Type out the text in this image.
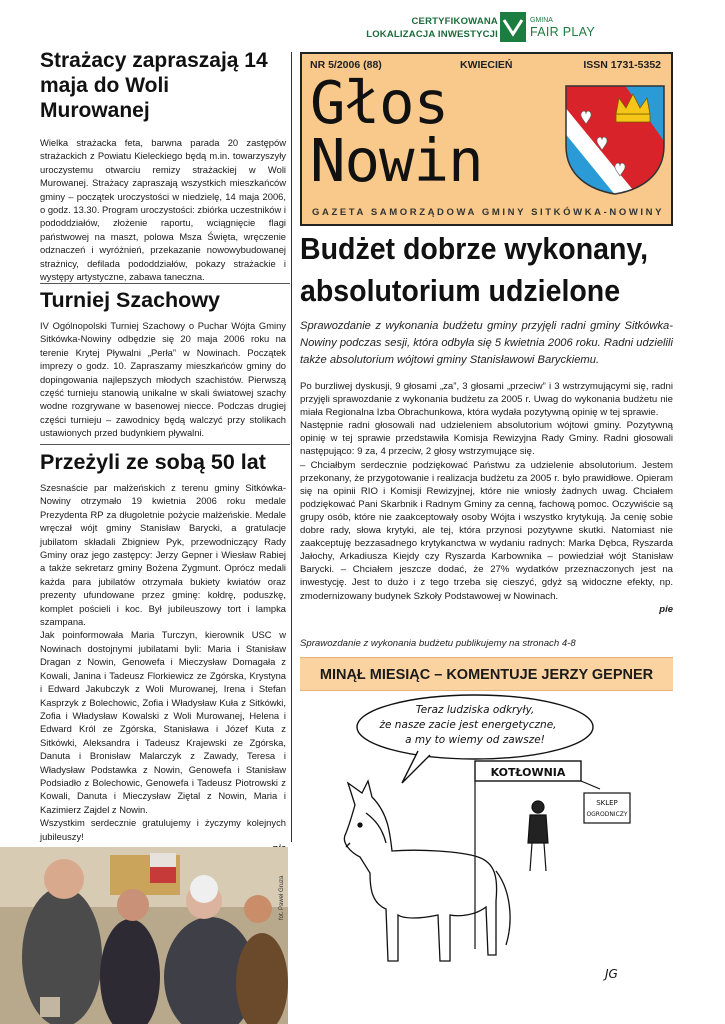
CERTYFIKOWANA
LOKALIZACJA INWESTYCJI
GMINA
FAIR PLAY
Strażacy zapraszają 14 maja do Woli Murowanej
Wielka strażacka feta, barwna parada 20 zastępów strażackich z Powiatu Kieleckiego będą m.in. towarzyszyły uroczystemu otwarciu remizy strażackiej w Woli Murowanej. Strażacy zapraszają wszystkich mieszkańców gminy – początek uroczystości w niedzielę, 14 maja 2006, o godz. 13.30. Program uroczystości: zbiórka uczestników i pododdziałów, złożenie raportu, wciągnięcie flagi państwowej na maszt, polowa Msza Święta, wręczenie odznaczeń i wyróżnień, przekazanie nowowybudowanej strażnicy, defilada pododdziałów, pokazy strażackie i występy artystyczne, zabawa taneczna.
Turniej Szachowy
IV Ogólnopolski Turniej Szachowy o Puchar Wójta Gminy Sitkówka-Nowiny odbędzie się 20 maja 2006 roku na terenie Krytej Pływalni „Perła” w Nowinach. Początek imprezy o godz. 10. Zapraszamy mieszkańców gminy do dopingowania najlepszych młodych szachistów. Pierwszą część turnieju stanowią unikalne w skali światowej szachy wodne rozgrywane w basenowej niecce. Podczas drugiej części turnieju – zawodnicy będą walczyć przy stolikach ustawionych przed budynkiem pływalni.
Przeżyli ze sobą 50 lat
Szesnaście par małżeńskich z terenu gminy Sitkówka-Nowiny otrzymało 19 kwietnia 2006 roku medale Prezydenta RP za długoletnie pożycie małżeńskie. Medale wręczał wójt gminy Stanisław Barycki, a gratulacje jubilatom składali Zbigniew Pyk, przewodniczący Rady Gminy oraz jego zastępcy: Jerzy Gepner i Wiesław Rabiej a także sekretarz gminy Bożena Zygmunt. Oprócz medali każda para jubilatów otrzymała bukiety kwiatów oraz prezenty ufundowane przez gminę: kołdrę, poduszkę, komplet pościeli i koc. Był jubileuszowy tort i lampka szampana.
Jak poinformowała Maria Turczyn, kierownik USC w Nowinach dostojnymi jubilatami byli: Maria i Stanisław Dragan z Nowin, Genowefa i Mieczysław Domagała z Kowali, Janina i Tadeusz Florkiewicz ze Zgórska, Krystyna i Edward Jakubczyk z Woli Murowanej, Irena i Stefan Kasprzyk z Bolechowic, Zofia i Władysław Kuła z Sitkówki, Zofia i Władysław Kowalski z Woli Murowanej, Helena i Edward Król ze Zgórska, Stanisława i Józef Kuta z Sitkówki, Aleksandra i Tadeusz Krajewski ze Zgórska, Danuta i Bronisław Malarczyk z Zawady, Teresa i Władysław Podstawka z Nowin, Genowefa i Stanisław Podsiadło z Bolechowic, Genowefa i Tadeusz Piotrowski z Kowali, Danuta i Mieczysław Ziętal z Nowin, Maria i Kazimierz Zajdel z Nowin.
Wszystkim serdecznie gratulujemy i życzymy kolejnych jubileuszy!
NR 5/2006 (88)	KWIECIEŃ	ISSN 1731-5352
Głos
Nowin
GAZETA SAMORZĄDOWA GMINY SITKÓWKA-NOWINY
Budżet dobrze wykonany, absolutorium udzielone
Sprawozdanie z wykonania budżetu gminy przyjęli radni gminy Sitkówka-Nowiny podczas sesji, która odbyła się 5 kwietnia 2006 roku. Radni udzielili także absolutorium wójtowi gminy Stanisławowi Baryckiemu.
Po burzliwej dyskusji, 9 głosami „za”, 3 głosami „przeciw” i 3 wstrzymującymi się, radni przyjęli sprawozdanie z wykonania budżetu za 2005 r. Uwag do wykonania budżetu nie miała Regionalna Izba Obrachunkowa, która wydała pozytywną opinię w tej sprawie.
Następnie radni głosowali nad udzieleniem absolutorium wójtowi gminy. Pozytywną opinię w tej sprawie przedstawiła Komisja Rewizyjna Rady Gminy. Radni głosowali następująco: 9 za, 4 przeciw, 2 głosy wstrzymujące się.
– Chciałbym serdecznie podziękować Państwu za udzielenie absolutorium. Jestem przekonany, że przygotowanie i realizacja budżetu za 2005 r. było prawidłowe. Opieram się na opinii RIO i Komisji Rewizyjnej, które nie wniosły żadnych uwag. Chciałem podziękować Pani Skarbnik i Radnym Gminy za cenną, fachową pomoc. Oczywiście są grupy osób, które nie zaakceptowały osoby Wójta i wszystko krytykują. Ja cenię sobie dobre rady, słowa krytyki, ale tej, która przynosi pozytywne skutki. Natomiast nie zaakceptuję bezzasadnego krytykanctwa w wydaniu radnych: Marka Dębca, Ryszarda Jałochy, Arkadiusza Kiejdy czy Ryszarda Karbownika – powiedział wójt Stanisław Barycki. – Chciałem jeszcze dodać, że 27% wydatków przeznaczonych jest na inwestycję. Jest to dużo i z tego trzeba się cieszyć, gdyż są widoczne efekty, np. zmodernizowany budynek Szkoły Podstawowej w Nowinach.
pie
Sprawozdanie z wykonania budżetu publikujemy na stronach 4-8
MINĄŁ MIESIĄC – KOMENTUJE JERZY GEPNER
Teraz ludziska odkryły,
że nasze zacie jest energetyczne,
a my to wiemy od zawsze!
KOTŁOWNIA
SKLEP
OGRODNICZY
JG
fot. Paweł Gruza
